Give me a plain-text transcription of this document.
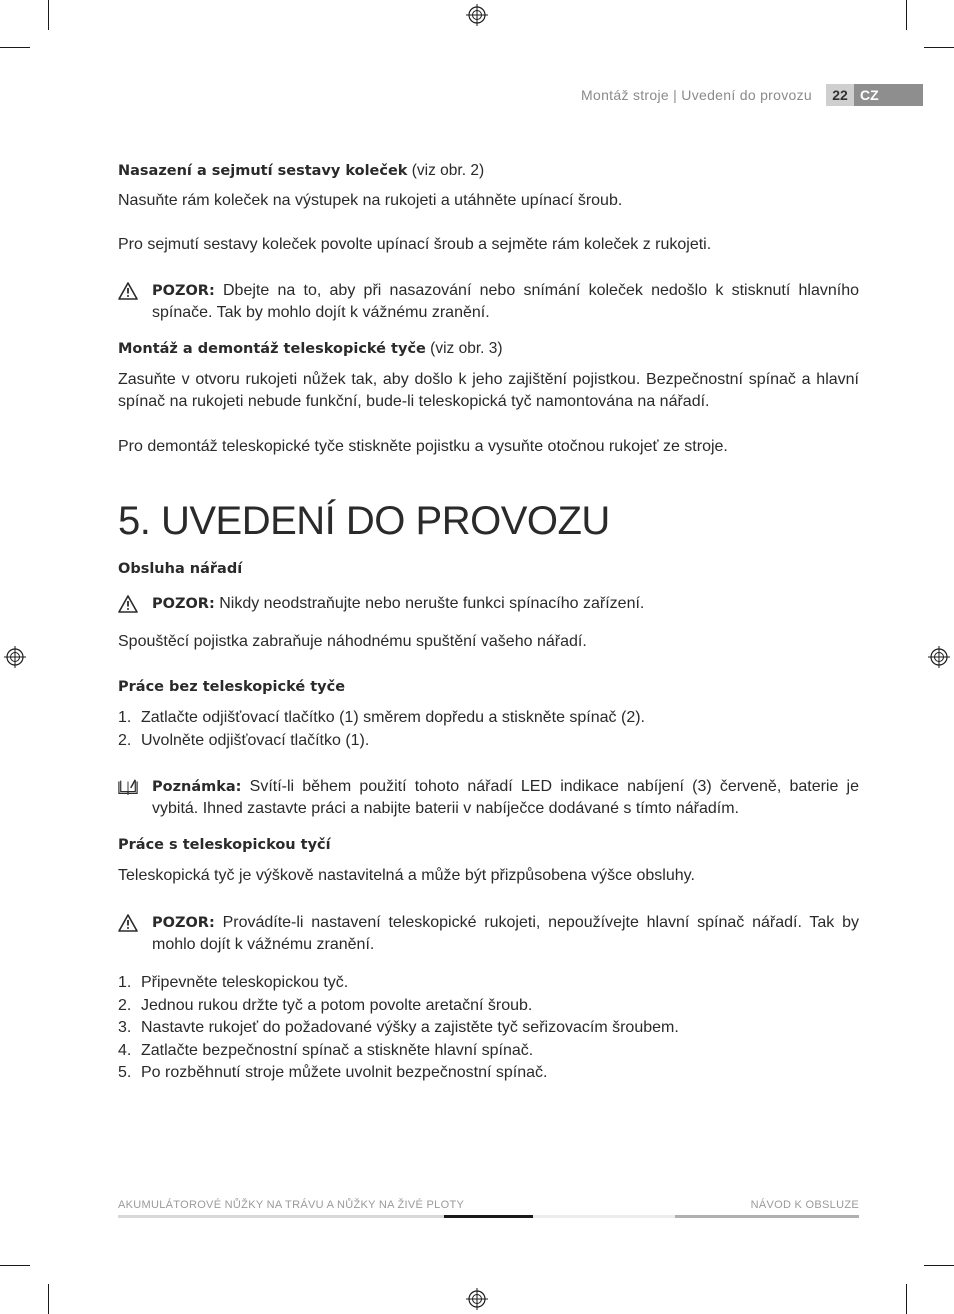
Montáž stroje | Uvedení do provozu	22 CZ

Nasazení a sejmutí sestavy koleček (viz obr. 2)

Nasuňte rám koleček na výstupek na rukojeti a utáhněte upínací šroub.

Pro sejmutí sestavy koleček povolte upínací šroub a sejměte rám koleček z rukojeti.

POZOR: Dbejte na to, aby při nasazování nebo snímání koleček nedošlo k stisknutí hlavního spínače. Tak by mohlo dojít k vážnému zranění.

Montáž a demontáž teleskopické tyče (viz obr. 3)

Zasuňte v otvoru rukojeti nůžek tak, aby došlo k jeho zajištění pojistkou. Bezpečnostní spínač a hlavní spínač na rukojeti nebude funkční, bude-li teleskopická tyč namontována na nářadí.

Pro demontáž teleskopické tyče stiskněte pojistku a vysuňte otočnou rukojeť ze stroje.

5. UVEDENÍ DO PROVOZU

Obsluha nářadí

POZOR: Nikdy neodstraňujte nebo nerušte funkci spínacího zařízení.

Spouštěcí pojistka zabraňuje náhodnému spuštění vašeho nářadí.

Práce bez teleskopické tyče

1. Zatlačte odjišťovací tlačítko (1) směrem dopředu a stiskněte spínač (2).
2. Uvolněte odjišťovací tlačítko (1).
Poznámka: Svítí-li během použití tohoto nářadí LED indikace nabíjení (3) červeně, baterie je vybitá. Ihned zastavte práci a nabijte baterii v nabíječce dodávané s tímto nářadím.

Práce s teleskopickou tyčí

Teleskopická tyč je výškově nastavitelná a může být přizpůsobena výšce obsluhy.

POZOR: Provádíte-li nastavení teleskopické rukojeti, nepoužívejte hlavní spínač nářadí. Tak by mohlo dojít k vážnému zranění.
1. Připevněte teleskopickou tyč.
2. Jednou rukou držte tyč a potom povolte aretační šroub.
3. Nastavte rukojeť do požadované výšky a zajistěte tyč seřizovacím šroubem.
4. Zatlačte bezpečnostní spínač a stiskněte hlavní spínač.
5. Po rozběhnutí stroje můžete uvolnit bezpečnostní spínač.
AKUMULÁTOROVÉ NŮŽKY NA TRÁVU A NŮŽKY NA ŽIVÉ PLOTY	NÁVOD K OBSLUZE
